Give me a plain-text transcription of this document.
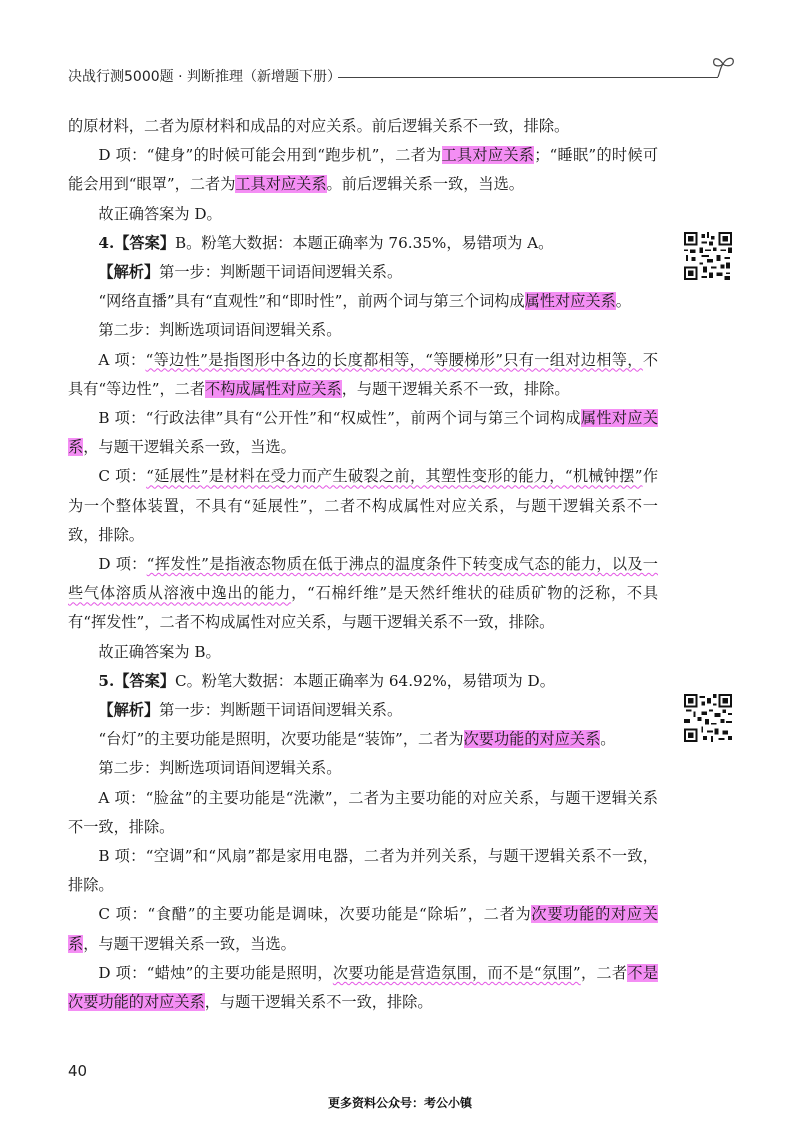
决战行测5000题 · 判断推理（新增题下册）

的原材料，二者为原材料和成品的对应关系。前后逻辑关系不一致，排除。

D 项：“健身”的时候可能会用到“跑步机”，二者为工具对应关系；“睡眠”的时候可能会用到“眼罩”，二者为工具对应关系。前后逻辑关系一致，当选。

故正确答案为 D。

4.【答案】B。粉笔大数据：本题正确率为 76.35%，易错项为 A。

【解析】第一步：判断题干词语间逻辑关系。

“网络直播”具有“直观性”和“即时性”，前两个词与第三个词构成属性对应关系。

第二步：判断选项词语间逻辑关系。

A 项：“等边性”是指图形中各边的长度都相等，“等腰梯形”只有一组对边相等，不具有“等边性”，二者不构成属性对应关系，与题干逻辑关系不一致，排除。

B 项：“行政法律”具有“公开性”和“权威性”，前两个词与第三个词构成属性对应关系，与题干逻辑关系一致，当选。

C 项：“延展性”是材料在受力而产生破裂之前，其塑性变形的能力，“机械钟摆”作为一个整体装置，不具有“延展性”，二者不构成属性对应关系，与题干逻辑关系不一致，排除。

D 项：“挥发性”是指液态物质在低于沸点的温度条件下转变成气态的能力，以及一些气体溶质从溶液中逸出的能力，“石棉纤维”是天然纤维状的硅质矿物的泛称，不具有“挥发性”，二者不构成属性对应关系，与题干逻辑关系不一致，排除。

故正确答案为 B。

5.【答案】C。粉笔大数据：本题正确率为 64.92%，易错项为 D。

【解析】第一步：判断题干词语间逻辑关系。

“台灯”的主要功能是照明，次要功能是“装饰”，二者为次要功能的对应关系。

第二步：判断选项词语间逻辑关系。

A 项：“脸盆”的主要功能是“洗漱”，二者为主要功能的对应关系，与题干逻辑关系不一致，排除。

B 项：“空调”和“风扇”都是家用电器，二者为并列关系，与题干逻辑关系不一致，排除。

C 项：“食醋”的主要功能是调味，次要功能是“除垢”，二者为次要功能的对应关系，与题干逻辑关系一致，当选。

D 项：“蜡烛”的主要功能是照明，次要功能是营造氛围，而不是“氛围”，二者不是次要功能的对应关系，与题干逻辑关系不一致，排除。

40
更多资料公众号：考公小镇
